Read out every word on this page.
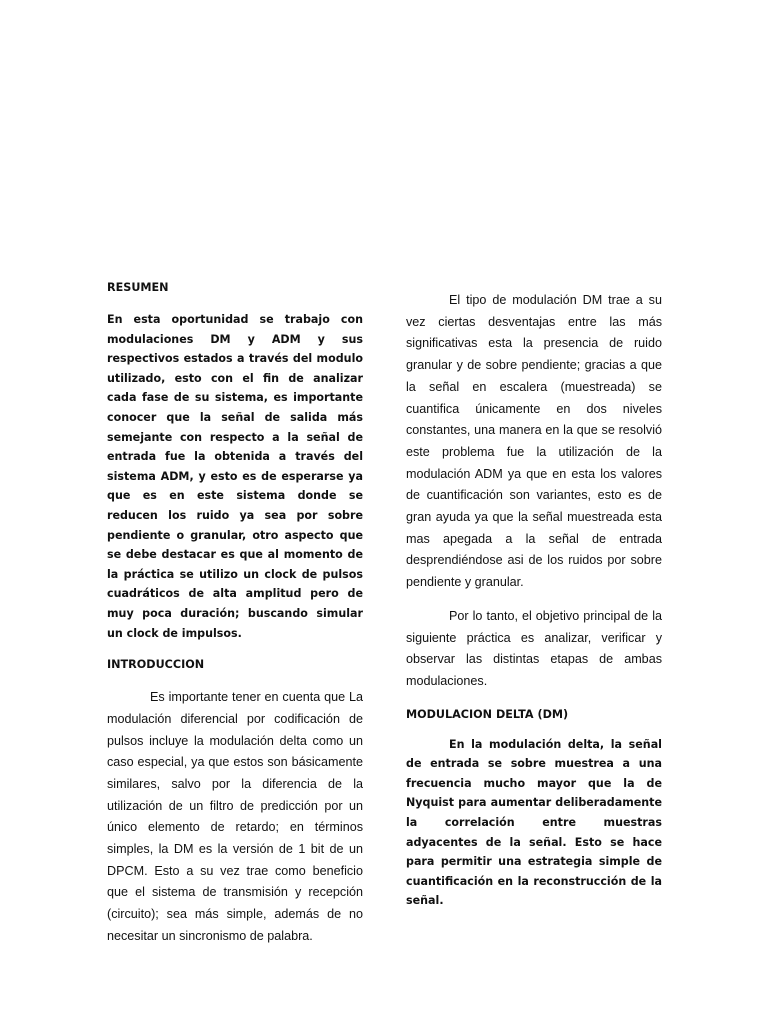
RESUMEN

En esta oportunidad se trabajo con modulaciones DM y ADM y sus respectivos estados a través del modulo utilizado, esto con el fin de analizar cada fase de su sistema, es importante conocer que la señal de salida más semejante con respecto a la señal de entrada fue la obtenida a través del sistema ADM, y esto es de esperarse ya que es en este sistema donde se reducen los ruido ya sea por sobre pendiente o granular, otro aspecto que se debe destacar es que al momento de la práctica se utilizo un clock de pulsos cuadráticos de alta amplitud pero de muy poca duración; buscando simular un clock de impulsos.

INTRODUCCION

Es importante tener en cuenta que La modulación diferencial por codificación de pulsos incluye la modulación delta como un caso especial, ya que estos son básicamente similares, salvo por la diferencia de la utilización de un filtro de predicción por un único elemento de retardo; en términos simples, la DM es la versión de 1 bit de un DPCM. Esto a su vez trae como beneficio que el sistema de transmisión y recepción (circuito); sea más simple, además de no necesitar un sincronismo de palabra.

El tipo de modulación DM trae a su vez ciertas desventajas entre las más significativas esta la presencia de ruido granular y de sobre pendiente; gracias a que la señal en escalera (muestreada) se cuantifica únicamente en dos niveles constantes, una manera en la que se resolvió este problema fue la utilización de la modulación ADM ya que en esta los valores de cuantificación son variantes, esto es de gran ayuda ya que la señal muestreada esta mas apegada a la señal de entrada desprendiéndose asi de los ruidos por sobre pendiente y granular.

Por lo tanto, el objetivo principal de la siguiente práctica es analizar, verificar y observar las distintas etapas de ambas modulaciones.

MODULACION DELTA (DM)

En la modulación delta, la señal de entrada se sobre muestrea a una frecuencia mucho mayor que la de Nyquist para aumentar deliberadamente la correlación entre muestras adyacentes de la señal. Esto se hace para permitir una estrategia simple de cuantificación en la reconstrucción de la señal.
